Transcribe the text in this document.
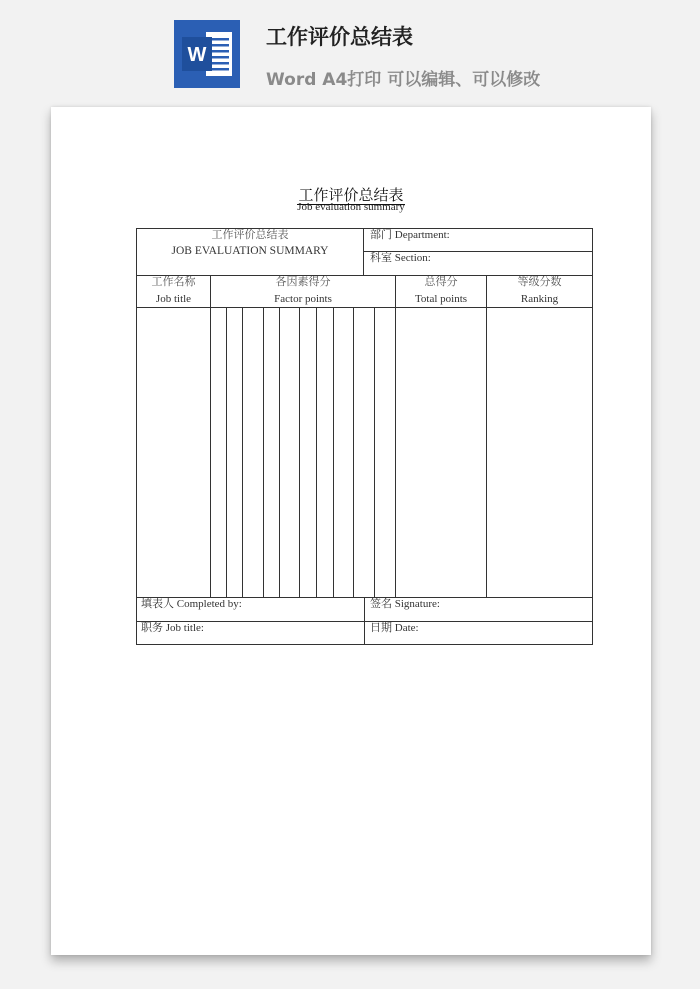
W
工作评价总结表
Word A4打印 可以编辑、可以修改
工作评价总结表
Job evaluation summary
工作评价总结表
JOB EVALUATION SUMMARY
部门 Department:
科室 Section:
工作名称
Job title
各因素得分
Factor points
总得分
Total points
等级分数
Ranking
填表人 Completed by:	签名 Signature:
职务 Job title:	日期 Date:
